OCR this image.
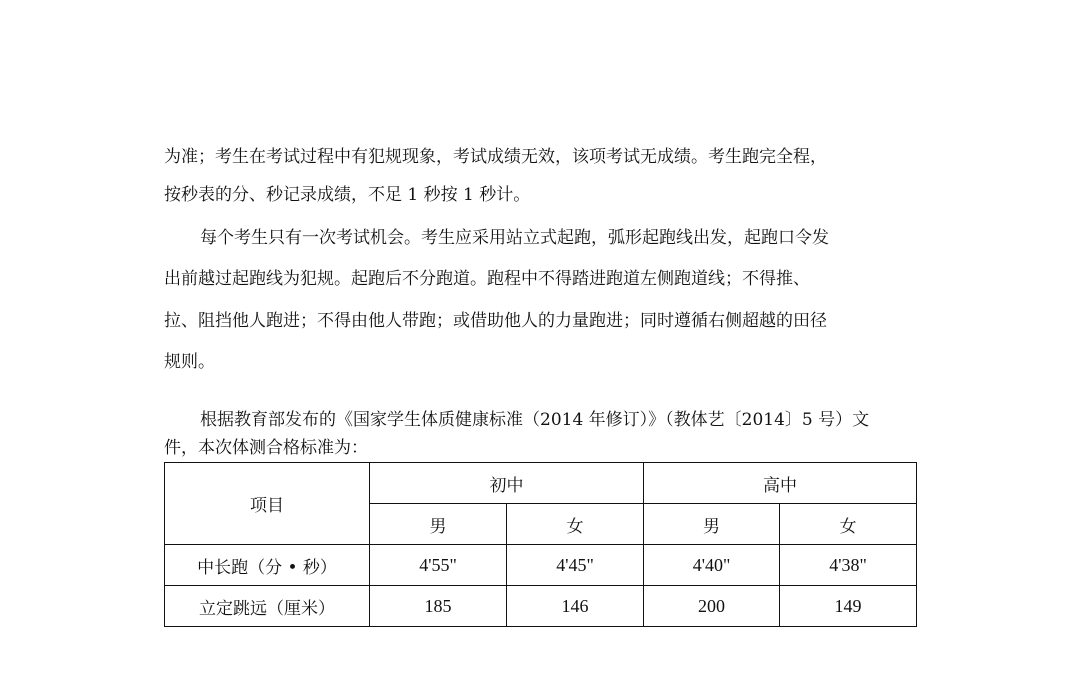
为准；考生在考试过程中有犯规现象，考试成绩无效，该项考试无成绩。考生跑完全程，
按秒表的分、秒记录成绩，不足 1 秒按 1 秒计。
每个考生只有一次考试机会。考生应采用站立式起跑，弧形起跑线出发，起跑口令发
出前越过起跑线为犯规。起跑后不分跑道。跑程中不得踏进跑道左侧跑道线；不得推、
拉、阻挡他人跑进；不得由他人带跑；或借助他人的力量跑进；同时遵循右侧超越的田径
规则。
根据教育部发布的《国家学生体质健康标准（2014 年修订）》（教体艺〔2014〕5 号）文
件，本次体测合格标准为：
项目	初中		高中	
	男	女	男	女
中长跑（分 • 秒）	4'55"	4'45"	4'40"	4'38"
立定跳远（厘米）	185	146	200	149
